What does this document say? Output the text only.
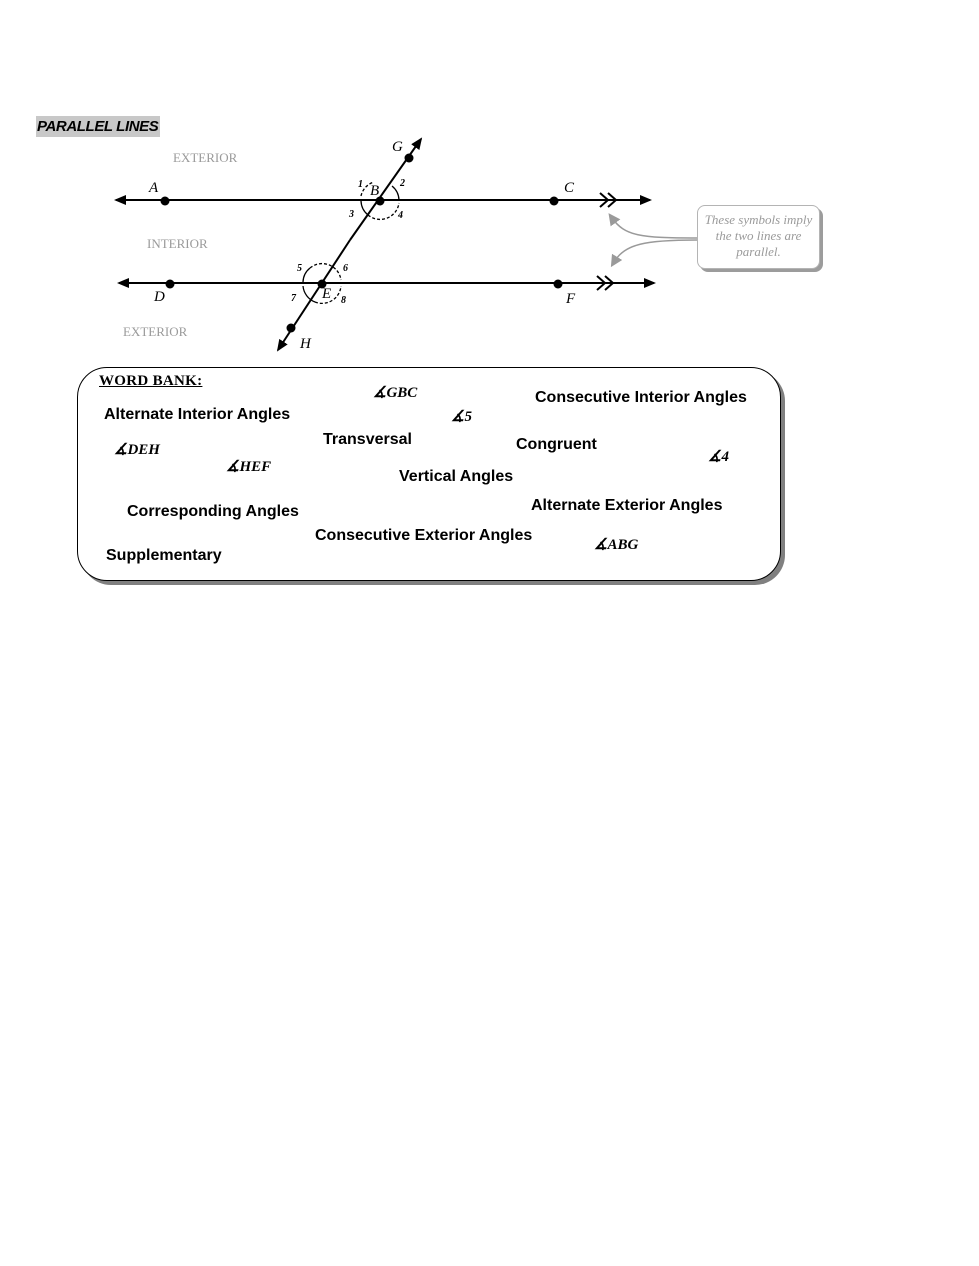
PARALLEL LINES
EXTERIOR
INTERIOR
EXTERIOR
A	B	C
D	E	F
G
H
1	2
3	4
5	6
7	8
These symbols imply the two lines are parallel.
WORD BANK:
∡GBC	Consecutive Interior Angles
Alternate Interior Angles	∡5
Transversal	Congruent
∡DEH	∡4
∡HEF
Vertical Angles
Alternate Exterior Angles
Corresponding Angles
Consecutive Exterior Angles
∡ABG
Supplementary
